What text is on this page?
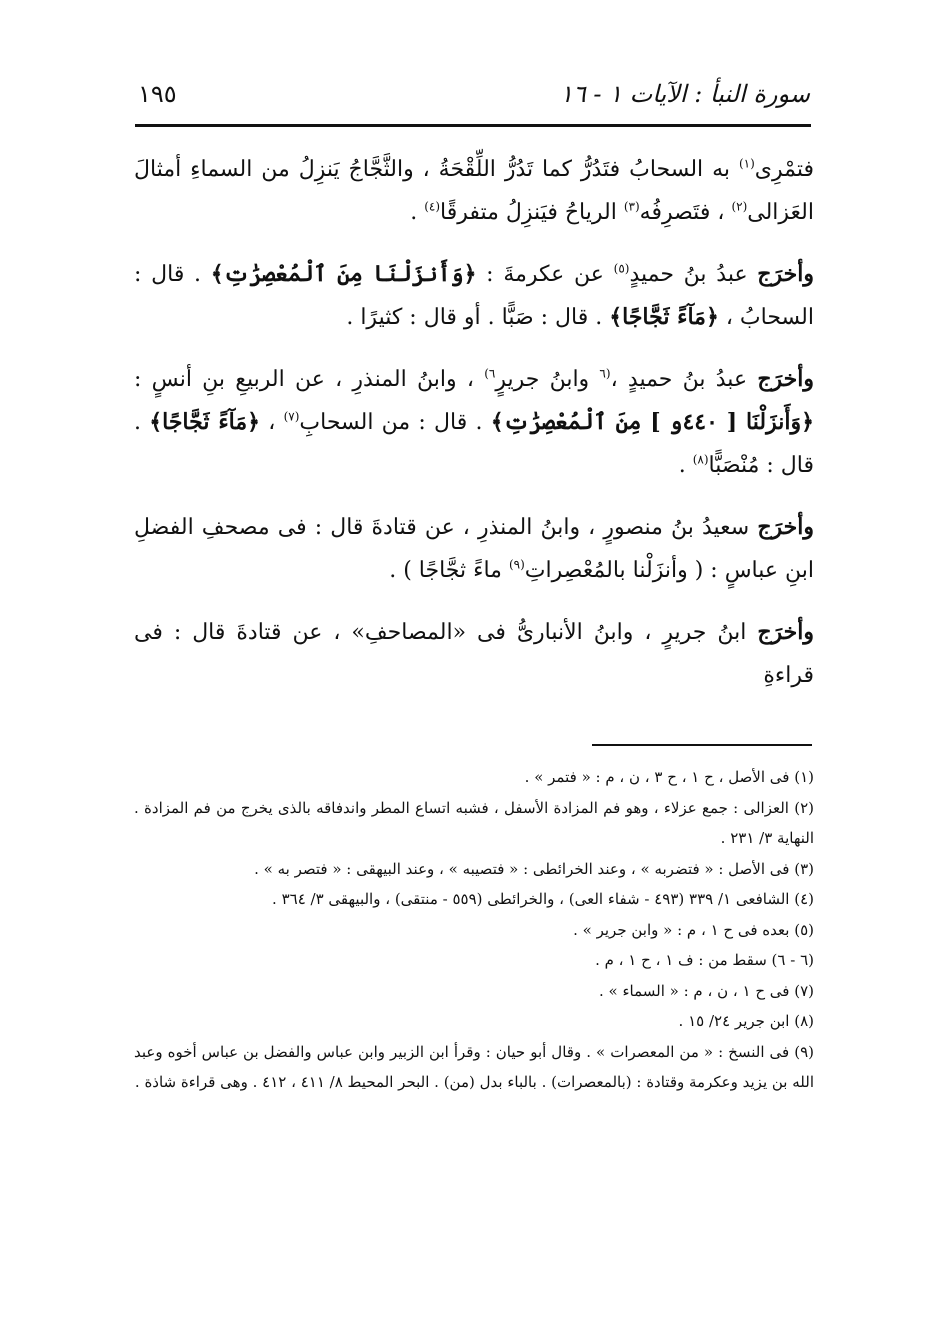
سورة النبأ : الآيات ١ - ١٦
١٩٥

فتمْرِى$^{(١)}$ به السحابُ فتَدُرُّ كما تَدُرُّ اللِّقْحَةُ ، والثَّجَّاجُ يَنزِلُ من السماءِ أمثالَ العَزالى$^{(٢)}$ ، فتَصرِفُه$^{(٣)}$ الرياحُ فيَنزِلُ متفرقًا$^{(٤)}$ .

وأخرَج عبدُ بنُ حميدٍ$^{(٥)}$ عن عكرمةَ : ﴿وَأَنزَلْنَا مِنَ ٱلْمُعْصِرَٰتِ﴾ . قال : السحابُ ، ﴿مَآءً ثَجَّاجًا﴾ . قال : صَبًّا . أو قال : كثيرًا .

وأخرَج عبدُ بنُ حميدٍ ،$^{(٦}$ وابنُ جريرٍ$^{٦)}$ ، وابنُ المنذرِ ، عن الربيعِ بنِ أنسٍ : ﴿وَأَنزَلْنَا [ ٤٤٠و ] مِنَ ٱلْمُعْصِرَٰتِ﴾ . قال : من السحابِ$^{(٧)}$ ، ﴿مَآءً ثَجَّاجًا﴾ . قال : مُنْصَبًّا$^{(٨)}$ .

وأخرَج سعيدُ بنُ منصورٍ ، وابنُ المنذرِ ، عن قتادةَ قال : فى مصحفِ الفضلِ ابنِ عباسٍ : ( وأنزَلْنا بالمُعْصِراتِ$^{(٩)}$ ماءً ثجَّاجًا ) .

وأخرَج ابنُ جريرٍ ، وابنُ الأنبارىُّ فى «المصاحفِ» ، عن قتادةَ قال : فى قراءةِ

(١) فى الأصل ، ح ١ ، ح ٣ ، ن ، م : « فتمر » .

(٢) العزالى : جمع عزلاء ، وهو فم المزادة الأسفل ، فشبه اتساع المطر واندفاقه بالذى يخرج من فم المزادة . النهاية ٣/ ٢٣١ .

(٣) فى الأصل : « فتضربه » ، وعند الخرائطى : « فتصيبه » ، وعند البيهقى : « فتصر به » .

(٤) الشافعى ١/ ٣٣٩ (٤٩٣ - شفاء العى) ، والخرائطى (٥٥٩ - منتقى) ، والبيهقى ٣/ ٣٦٤ .

(٥) بعده فى ح ١ ، م : « وابن جرير » .

(٦ - ٦) سقط من : ف ١ ، ح ١ ، م .

(٧) فى ح ١ ، ن ، م : « السماء » .

(٨) ابن جرير ٢٤/ ١٥ .

(٩) فى النسخ : « من المعصرات » . وقال أبو حيان : وقرأ ابن الزبير وابن عباس والفضل بن عباس أخوه وعبد الله بن يزيد وعكرمة وقتادة : (بالمعصرات) . بالباء بدل (من) . البحر المحيط ٨/ ٤١١ ، ٤١٢ . وهى قراءة شاذة .
